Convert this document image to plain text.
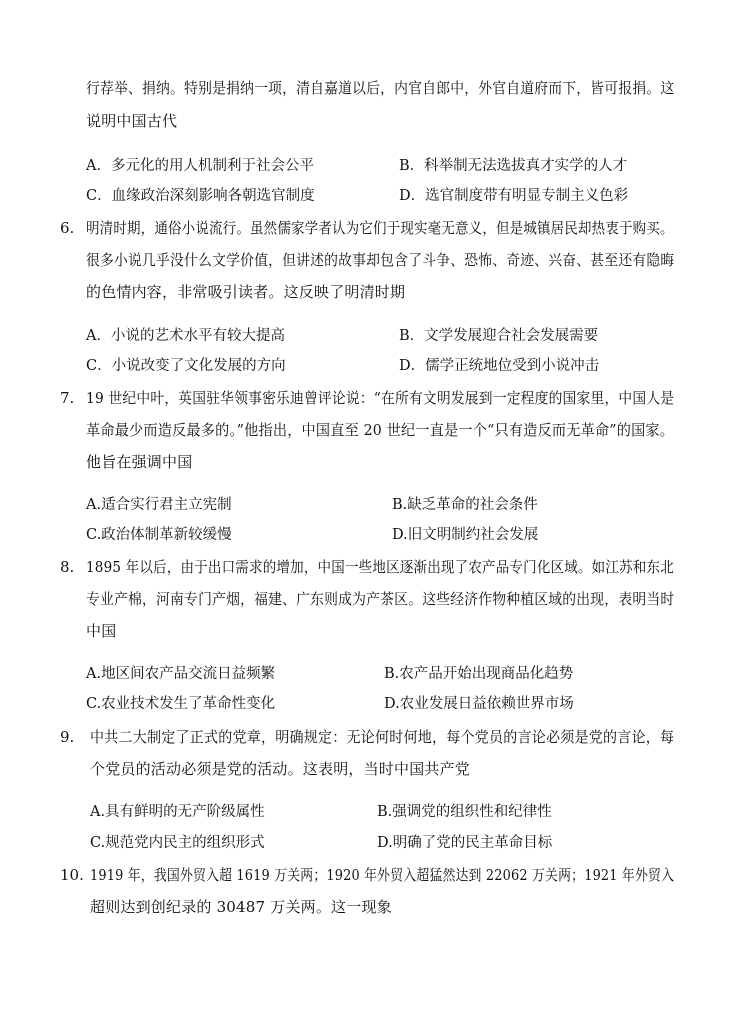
行荐举、捐纳。特别是捐纳一项，清自嘉道以后，内官自郎中，外官自道府而下，皆可报捐。这
说明中国古代
A．多元化的用人机制利于社会公平	B．科举制无法选拔真才实学的人才
C．血缘政治深刻影响各朝选官制度	D．选官制度带有明显专制主义色彩
6. 明清时期，通俗小说流行。虽然儒家学者认为它们于现实毫无意义，但是城镇居民却热衷于购买。
很多小说几乎没什么文学价值，但讲述的故事却包含了斗争、恐怖、奇迹、兴奋、甚至还有隐晦
的色情内容，非常吸引读者。这反映了明清时期
A．小说的艺术水平有较大提高	B．文学发展迎合社会发展需要
C．小说改变了文化发展的方向	D．儒学正统地位受到小说冲击
7. 19 世纪中叶，英国驻华领事密乐迪曾评论说：“在所有文明发展到一定程度的国家里，中国人是
革命最少而造反最多的。”他指出，中国直至 20 世纪一直是一个“只有造反而无革命”的国家。
他旨在强调中国
A.适合实行君主立宪制	B.缺乏革命的社会条件
C.政治体制革新较缓慢	D.旧文明制约社会发展
8. 1895 年以后，由于出口需求的增加，中国一些地区逐渐出现了农产品专门化区域。如江苏和东北
专业产棉，河南专门产烟，福建、广东则成为产茶区。这些经济作物种植区域的出现，表明当时
中国
A.地区间农产品交流日益频繁	B.农产品开始出现商品化趋势
C.农业技术发生了革命性变化	D.农业发展日益依赖世界市场
9. 中共二大制定了正式的党章，明确规定：无论何时何地，每个党员的言论必须是党的言论，每
个党员的活动必须是党的活动。这表明，当时中国共产党
A.具有鲜明的无产阶级属性	B.强调党的组织性和纪律性
C.规范党内民主的组织形式	D.明确了党的民主革命目标
10. 1919 年，我国外贸入超 1619 万关两；1920 年外贸入超猛然达到 22062 万关两；1921 年外贸入
超则达到创纪录的 30487 万关两。这一现象
